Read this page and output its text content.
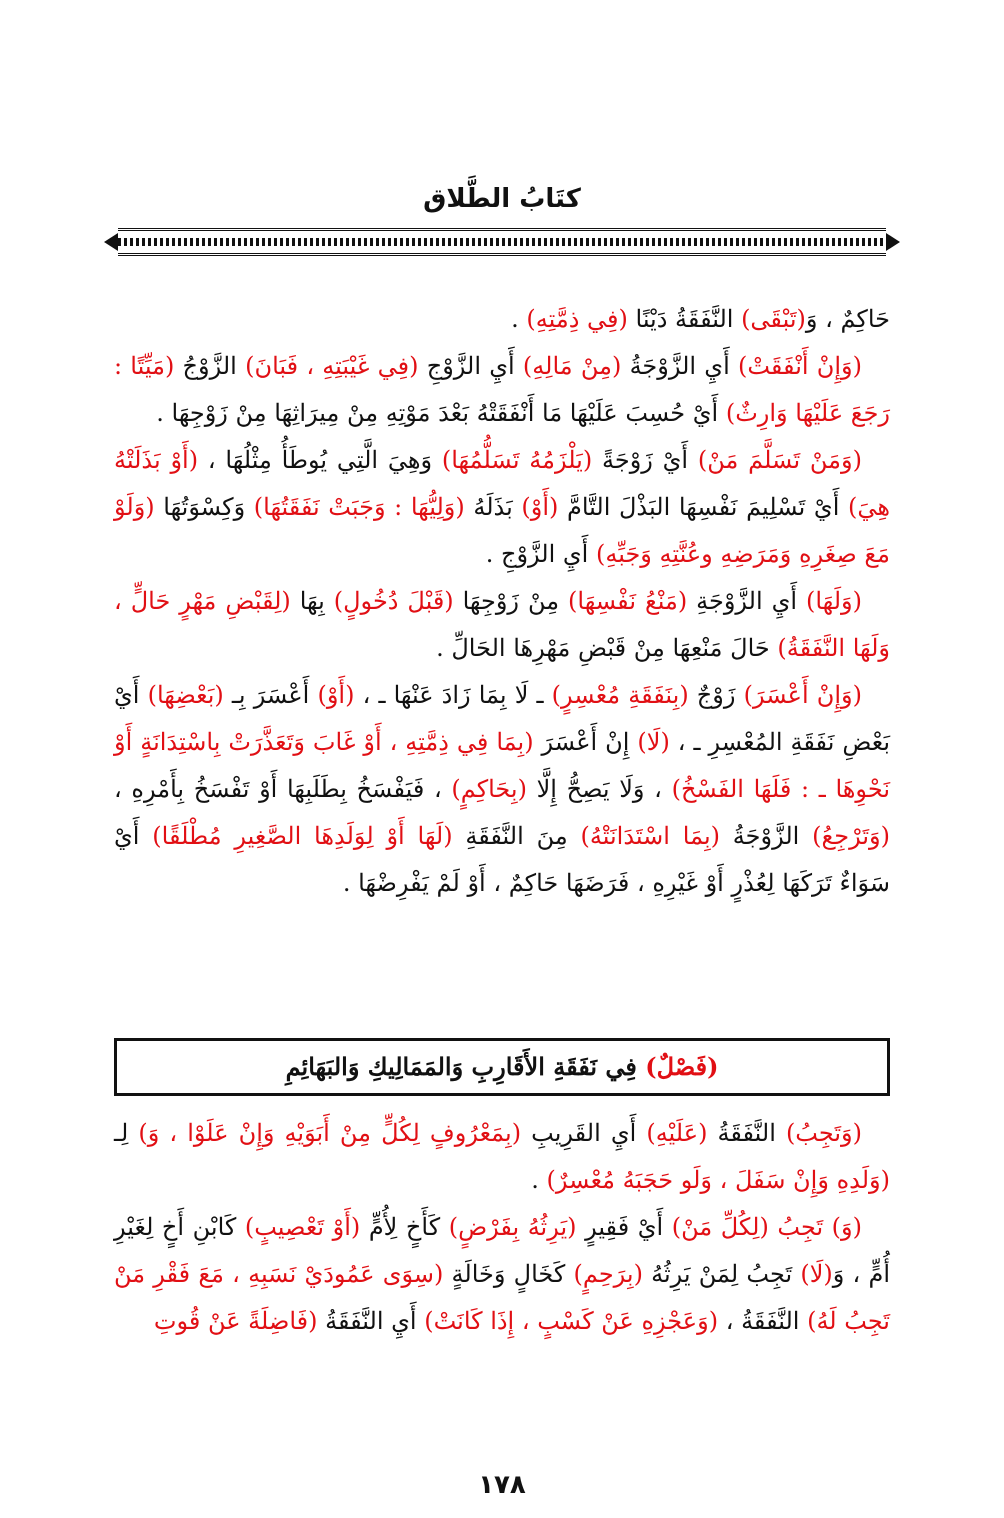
كتَابُ الطَّلاق

حَاكِمٌ ، وَ(تَبْقَى) النَّفَقَةُ دَيْنًا (فِي ذِمَّتِهِ) .

(وَإِنْ أَنْفَقَتْ) أَيِ الزَّوْجَةُ (مِنْ مَالِهِ) أَيِ الزَّوْجِ (فِي غَيْبَتِهِ ، فَبَانَ) الزَّوْجُ (مَيِّتًا : رَجَعَ عَلَيْهَا وَارِثٌ) أَيْ حُسِبَ عَلَيْهَا مَا أَنْفَقَتْهُ بَعْدَ مَوْتِهِ مِنْ مِيرَاثِهَا مِنْ زَوْجِهَا .

(وَمَنْ تَسَلَّمَ مَنْ) أَيْ زَوْجَةً (يَلْزَمُهُ تَسَلُّمُهَا) وَهِيَ الَّتِي يُوطَأُ مِثْلُهَا ، (أَوْ بَذَلَتْهُ هِيَ) أَيْ تَسْلِيمَ نَفْسِهَا البَذْلَ التَّامَّ (أَوْ) بَذَلَهُ (وَلِيُّهَا : وَجَبَتْ نَفَقَتُهَا) وَكِسْوَتُهَا (وَلَوْ مَعَ صِغَرِهِ وَمَرَضِهِ وعُنَّتِهِ وَجَبِّهِ) أَيِ الزَّوْجِ .

(وَلَهَا) أَيِ الزَّوْجَةِ (مَنْعُ نَفْسِهَا) مِنْ زَوْجِهَا (قَبْلَ دُخُولٍ) بِهَا (لِقَبْضِ مَهْرٍ حَالٍّ ، وَلَهَا النَّفَقَةُ) حَالَ مَنْعِهَا مِنْ قَبْضِ مَهْرِهَا الحَالِّ .

(وَإِنْ أَعْسَرَ) زَوْجٌ (بِنَفَقَةِ مُعْسِرٍ) ـ لَا بِمَا زَادَ عَنْهَا ـ ، (أَوْ) أَعْسَرَ بِـ (بَعْضِهَا) أَيْ بَعْضِ نَفَقَةِ المُعْسِرِ ـ ، (لَا) إِنْ أَعْسَرَ (بِمَا فِي ذِمَّتِهِ ، أَوْ غَابَ وَتَعَذَّرَتْ بِاسْتِدَانَةٍ أَوْ نَحْوِهَا ـ : فَلَهَا الفَسْخُ) ، وَلَا يَصِحُّ إِلَّا (بِحَاكِمٍ) ، فَيَفْسَخُ بِطَلَبِهَا أَوْ تَفْسَخُ بِأَمْرِهِ ، (وَتَرْجِعُ) الزَّوْجَةُ (بِمَا اسْتَدَانَتْهُ) مِنَ النَّفَقَةِ (لَهَا أَوْ لِوَلَدِهَا الصَّغِيرِ مُطْلَقًا) أَيْ سَوَاءٌ تَرَكَهَا لِعُذْرٍ أَوْ غَيْرِهِ ، فَرَضَهَا حَاكِمٌ ، أَوْ لَمْ يَفْرِضْهَا .

(فَصْلٌ) فِي نَفَقَةِ الأَقَارِبِ وَالمَمَالِيكِ وَالبَهَائِمِ

(وَتَجِبُ) النَّفَقَةُ (عَلَيْهِ) أَيِ القَرِيبِ (بِمَعْرُوفٍ لِكُلٍّ مِنْ أَبَوَيْهِ وَإِنْ عَلَوْا ، وَ) لِـ (وَلَدِهِ وَإِنْ سَفَلَ ، وَلَو حَجَبَهُ مُعْسِرٌ) .

(وَ) تَجِبُ (لِكُلِّ مَنْ) أَيْ فَقِيرٍ (يَرِثُهُ بِفَرْضٍ) كَأَخٍ لِأُمٍّ (أَوْ تَعْصِيبٍ) كَابْنِ أَخٍ لِغَيْرِ أُمٍّ ، وَ(لَا) تَجِبُ لِمَنْ يَرِثُهُ (بِرَحِمٍ) كَخَالٍ وَخَالَةٍ (سِوَى عَمُودَيْ نَسَبِهِ ، مَعَ فَقْرِ مَنْ تَجِبُ لَهُ) النَّفَقَةُ ، (وَعَجْزِهِ عَنْ كَسْبٍ ، إِذَا كَانَتْ) أَيِ النَّفَقَةُ (فَاضِلَةً عَنْ قُوتِ

١٧٨
